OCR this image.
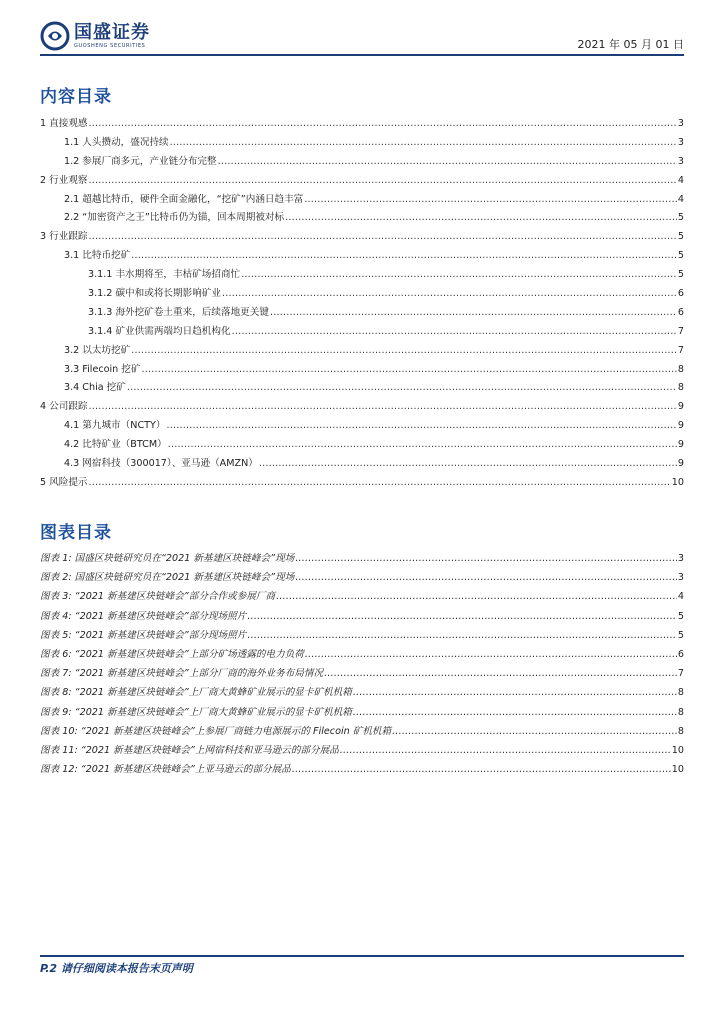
国盛证券
GUOSHENG SECURITIES	2021 年 05 月 01 日
内容目录
1 直接观感 .....	3
1.1 人头攒动，盛况持续 .....	3
1.2 参展厂商多元，产业链分布完整 .....	3
2 行业观察 .....	4
2.1 超越比特币，硬件全面金融化，“挖矿”内涵日趋丰富 .....	4
2.2 “加密资产之王”比特币仍为锚，回本周期被对标 .....	5
3 行业跟踪 .....	5
3.1 比特币挖矿 .....	5
3.1.1 丰水期将至，丰枯矿场招商忙 .....	5
3.1.2 碳中和或将长期影响矿业 .....	6
3.1.3 海外挖矿卷土重来，后续落地更关键 .....	6
3.1.4 矿业供需两端均日趋机构化 .....	7
3.2 以太坊挖矿 .....	7
3.3 Filecoin 挖矿 .....	8
3.4 Chia 挖矿 .....	8
4 公司跟踪 .....	9
4.1 第九城市（NCTY） .....	9
4.2 比特矿业（BTCM） .....	9
4.3 网宿科技（300017）、亚马逊（AMZN） .....	9
5 风险提示 .....	10
图表目录
图表 1: 国盛区块链研究员在“2021 新基建区块链峰会”现场 .....	3
图表 2: 国盛区块链研究员在“2021 新基建区块链峰会”现场 .....	3
图表 3: “2021 新基建区块链峰会”部分合作或参展厂商 .....	4
图表 4: “2021 新基建区块链峰会”部分现场照片 .....	5
图表 5: “2021 新基建区块链峰会”部分现场照片 .....	5
图表 6: “2021 新基建区块链峰会”上部分矿场透露的电力负荷 .....	6
图表 7: “2021 新基建区块链峰会”上部分厂商的海外业务布局情况 .....	7
图表 8: “2021 新基建区块链峰会”上厂商大黄蜂矿业展示的显卡矿机机箱 .....	8
图表 9: “2021 新基建区块链峰会”上厂商大黄蜂矿业展示的显卡矿机机箱 .....	8
图表 10: “2021 新基建区块链峰会”上参展厂商链力电源展示的 Filecoin 矿机机箱 .....	8
图表 11: “2021 新基建区块链峰会”上网宿科技和亚马逊云的部分展品 .....	10
图表 12: “2021 新基建区块链峰会”上亚马逊云的部分展品 .....	10
P.2 请仔细阅读本报告末页声明
